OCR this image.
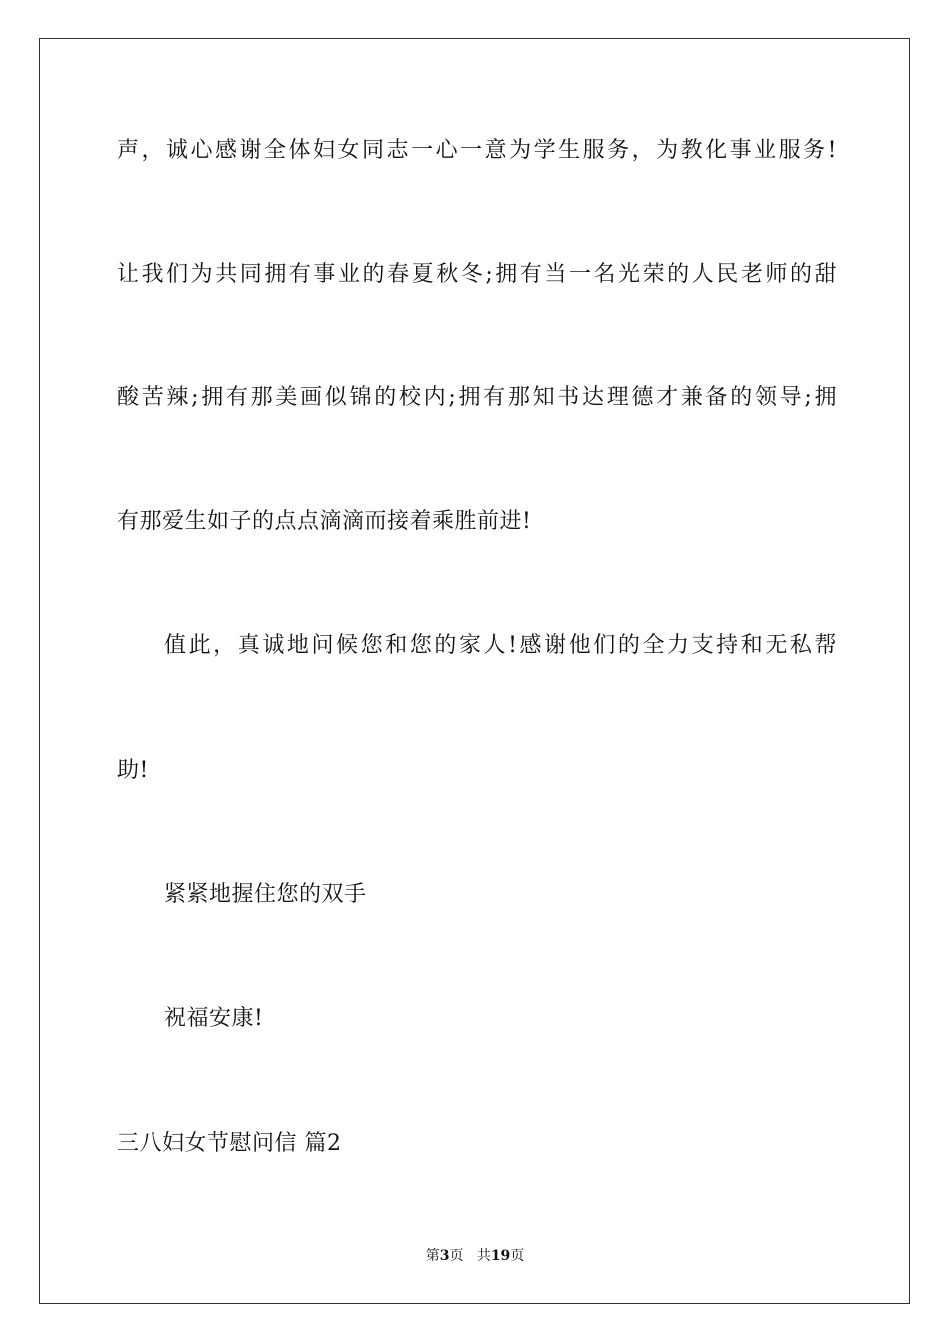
声，诚心感谢全体妇女同志一心一意为学生服务，为教化事业服务!
让我们为共同拥有事业的春夏秋冬;拥有当一名光荣的人民老师的甜
酸苦辣;拥有那美画似锦的校内;拥有那知书达理德才兼备的领导;拥
有那爱生如子的点点滴滴而接着乘胜前进!
值此，真诚地问候您和您的家人!感谢他们的全力支持和无私帮
助!
紧紧地握住您的双手
祝福安康!
三八妇女节慰问信 篇2
第3页 共19页
